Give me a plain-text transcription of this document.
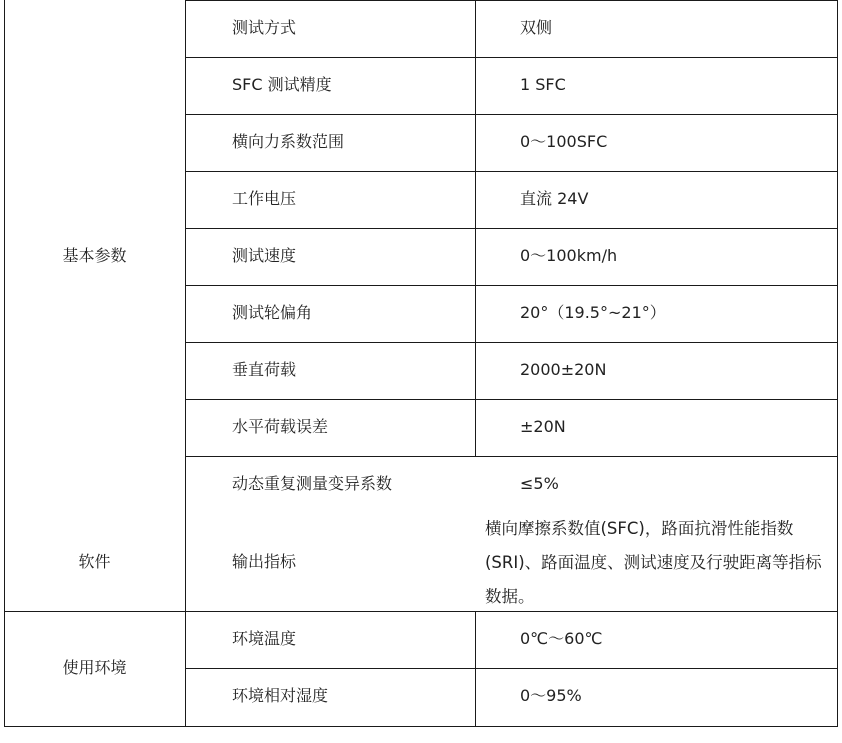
基本参数
软件
使用环境
测试方式
SFC 测试精度
横向力系数范围
工作电压
测试速度
测试轮偏角
垂直荷载
水平荷载误差
动态重复测量变异系数
输出指标
环境温度
环境相对湿度
双侧
1 SFC
0～100SFC
直流 24V
0～100km/h
20°（19.5°~21°）
2000±20N
±20N
≤5%
横向摩擦系数值(SFC)，路面抗滑性能指数(SRI)、路面温度、测试速度及行驶距离等指标数据。
0℃～60℃
0～95%
